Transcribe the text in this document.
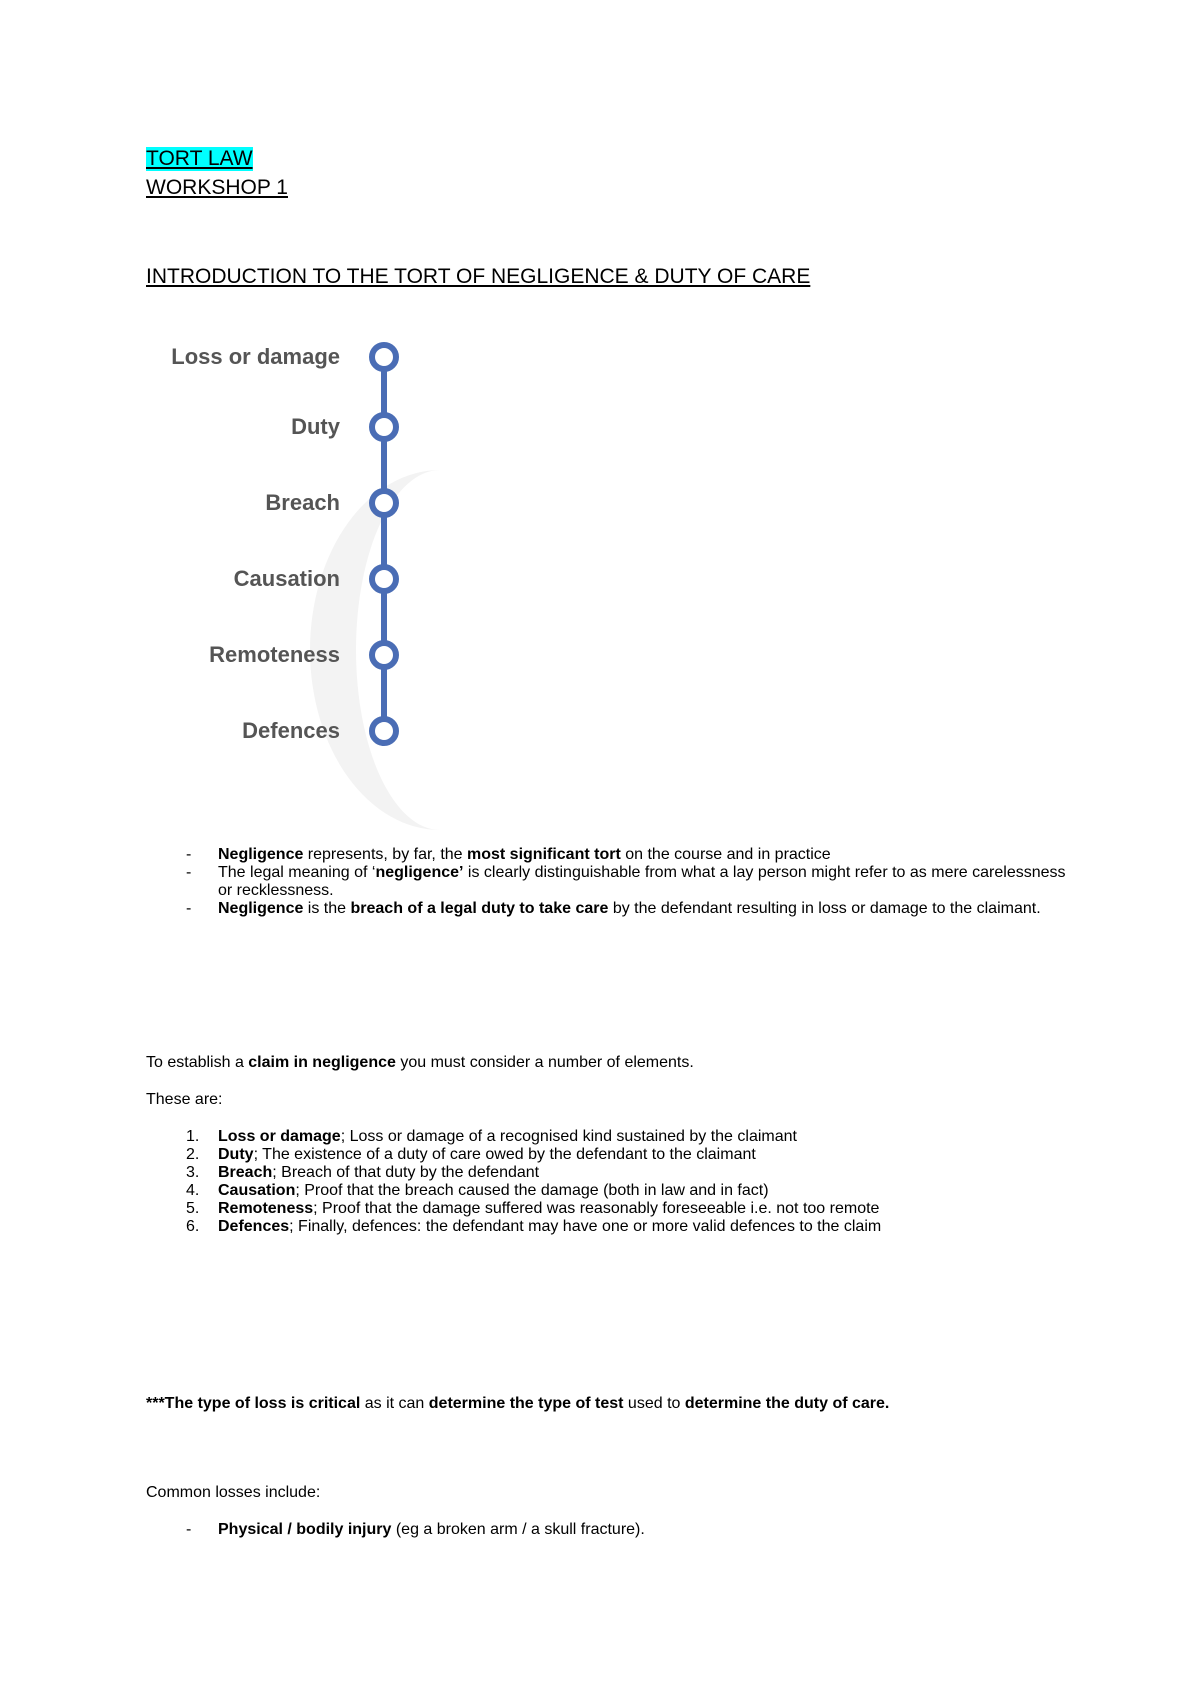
TORT LAW
WORKSHOP 1
INTRODUCTION TO THE TORT OF NEGLIGENCE & DUTY OF CARE
Loss or damage
Duty
Breach
Causation
Remoteness
Defences
- Negligence represents, by far, the most significant tort on the course and in practice
- The legal meaning of ‘negligence’ is clearly distinguishable from what a lay person might refer to as mere carelessness or recklessness.
- Negligence is the breach of a legal duty to take care by the defendant resulting in loss or damage to the claimant.
To establish a claim in negligence you must consider a number of elements.
These are:
1. Loss or damage; Loss or damage of a recognised kind sustained by the claimant
2. Duty; The existence of a duty of care owed by the defendant to the claimant
3. Breach; Breach of that duty by the defendant
4. Causation; Proof that the breach caused the damage (both in law and in fact)
5. Remoteness; Proof that the damage suffered was reasonably foreseeable i.e. not too remote
6. Defences; Finally, defences: the defendant may have one or more valid defences to the claim
***The type of loss is critical as it can determine the type of test used to determine the duty of care.
Common losses include:
- Physical / bodily injury (eg a broken arm / a skull fracture).
